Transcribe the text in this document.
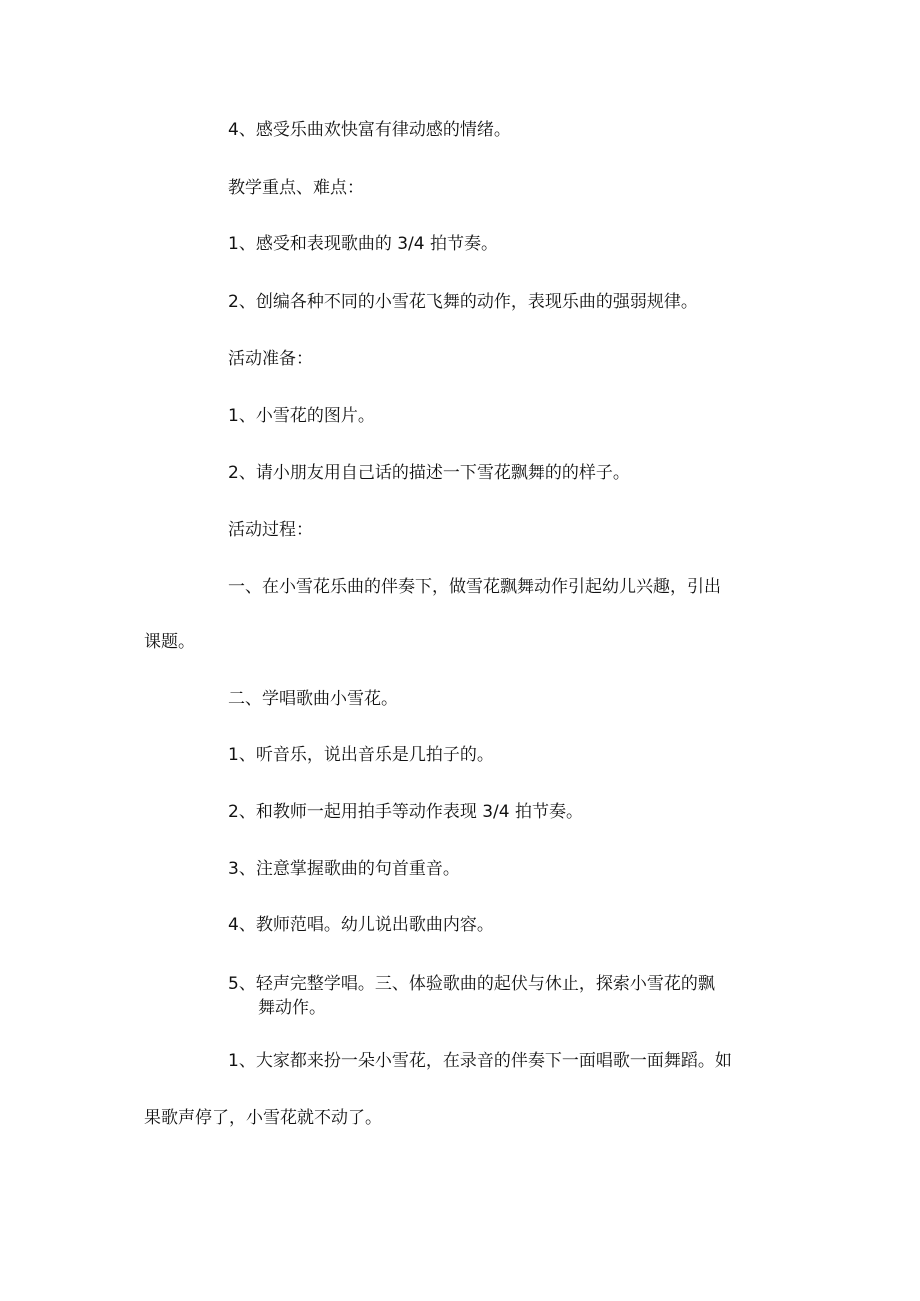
4、感受乐曲欢快富有律动感的情绪。
教学重点、难点：
1、感受和表现歌曲的 3/4 拍节奏。
2、创编各种不同的小雪花飞舞的动作，表现乐曲的强弱规律。
活动准备：
1、小雪花的图片。
2、请小朋友用自己话的描述一下雪花飘舞的的样子。
活动过程：
一、在小雪花乐曲的伴奏下，做雪花飘舞动作引起幼儿兴趣，引出
课题。
二、学唱歌曲小雪花。
1、听音乐，说出音乐是几拍子的。
2、和教师一起用拍手等动作表现 3/4 拍节奏。
3、注意掌握歌曲的句首重音。
4、教师范唱。幼儿说出歌曲内容。
5、轻声完整学唱。三、体验歌曲的起伏与休止，探索小雪花的飘
舞动作。
1、大家都来扮一朵小雪花，在录音的伴奏下一面唱歌一面舞蹈。如
果歌声停了，小雪花就不动了。
